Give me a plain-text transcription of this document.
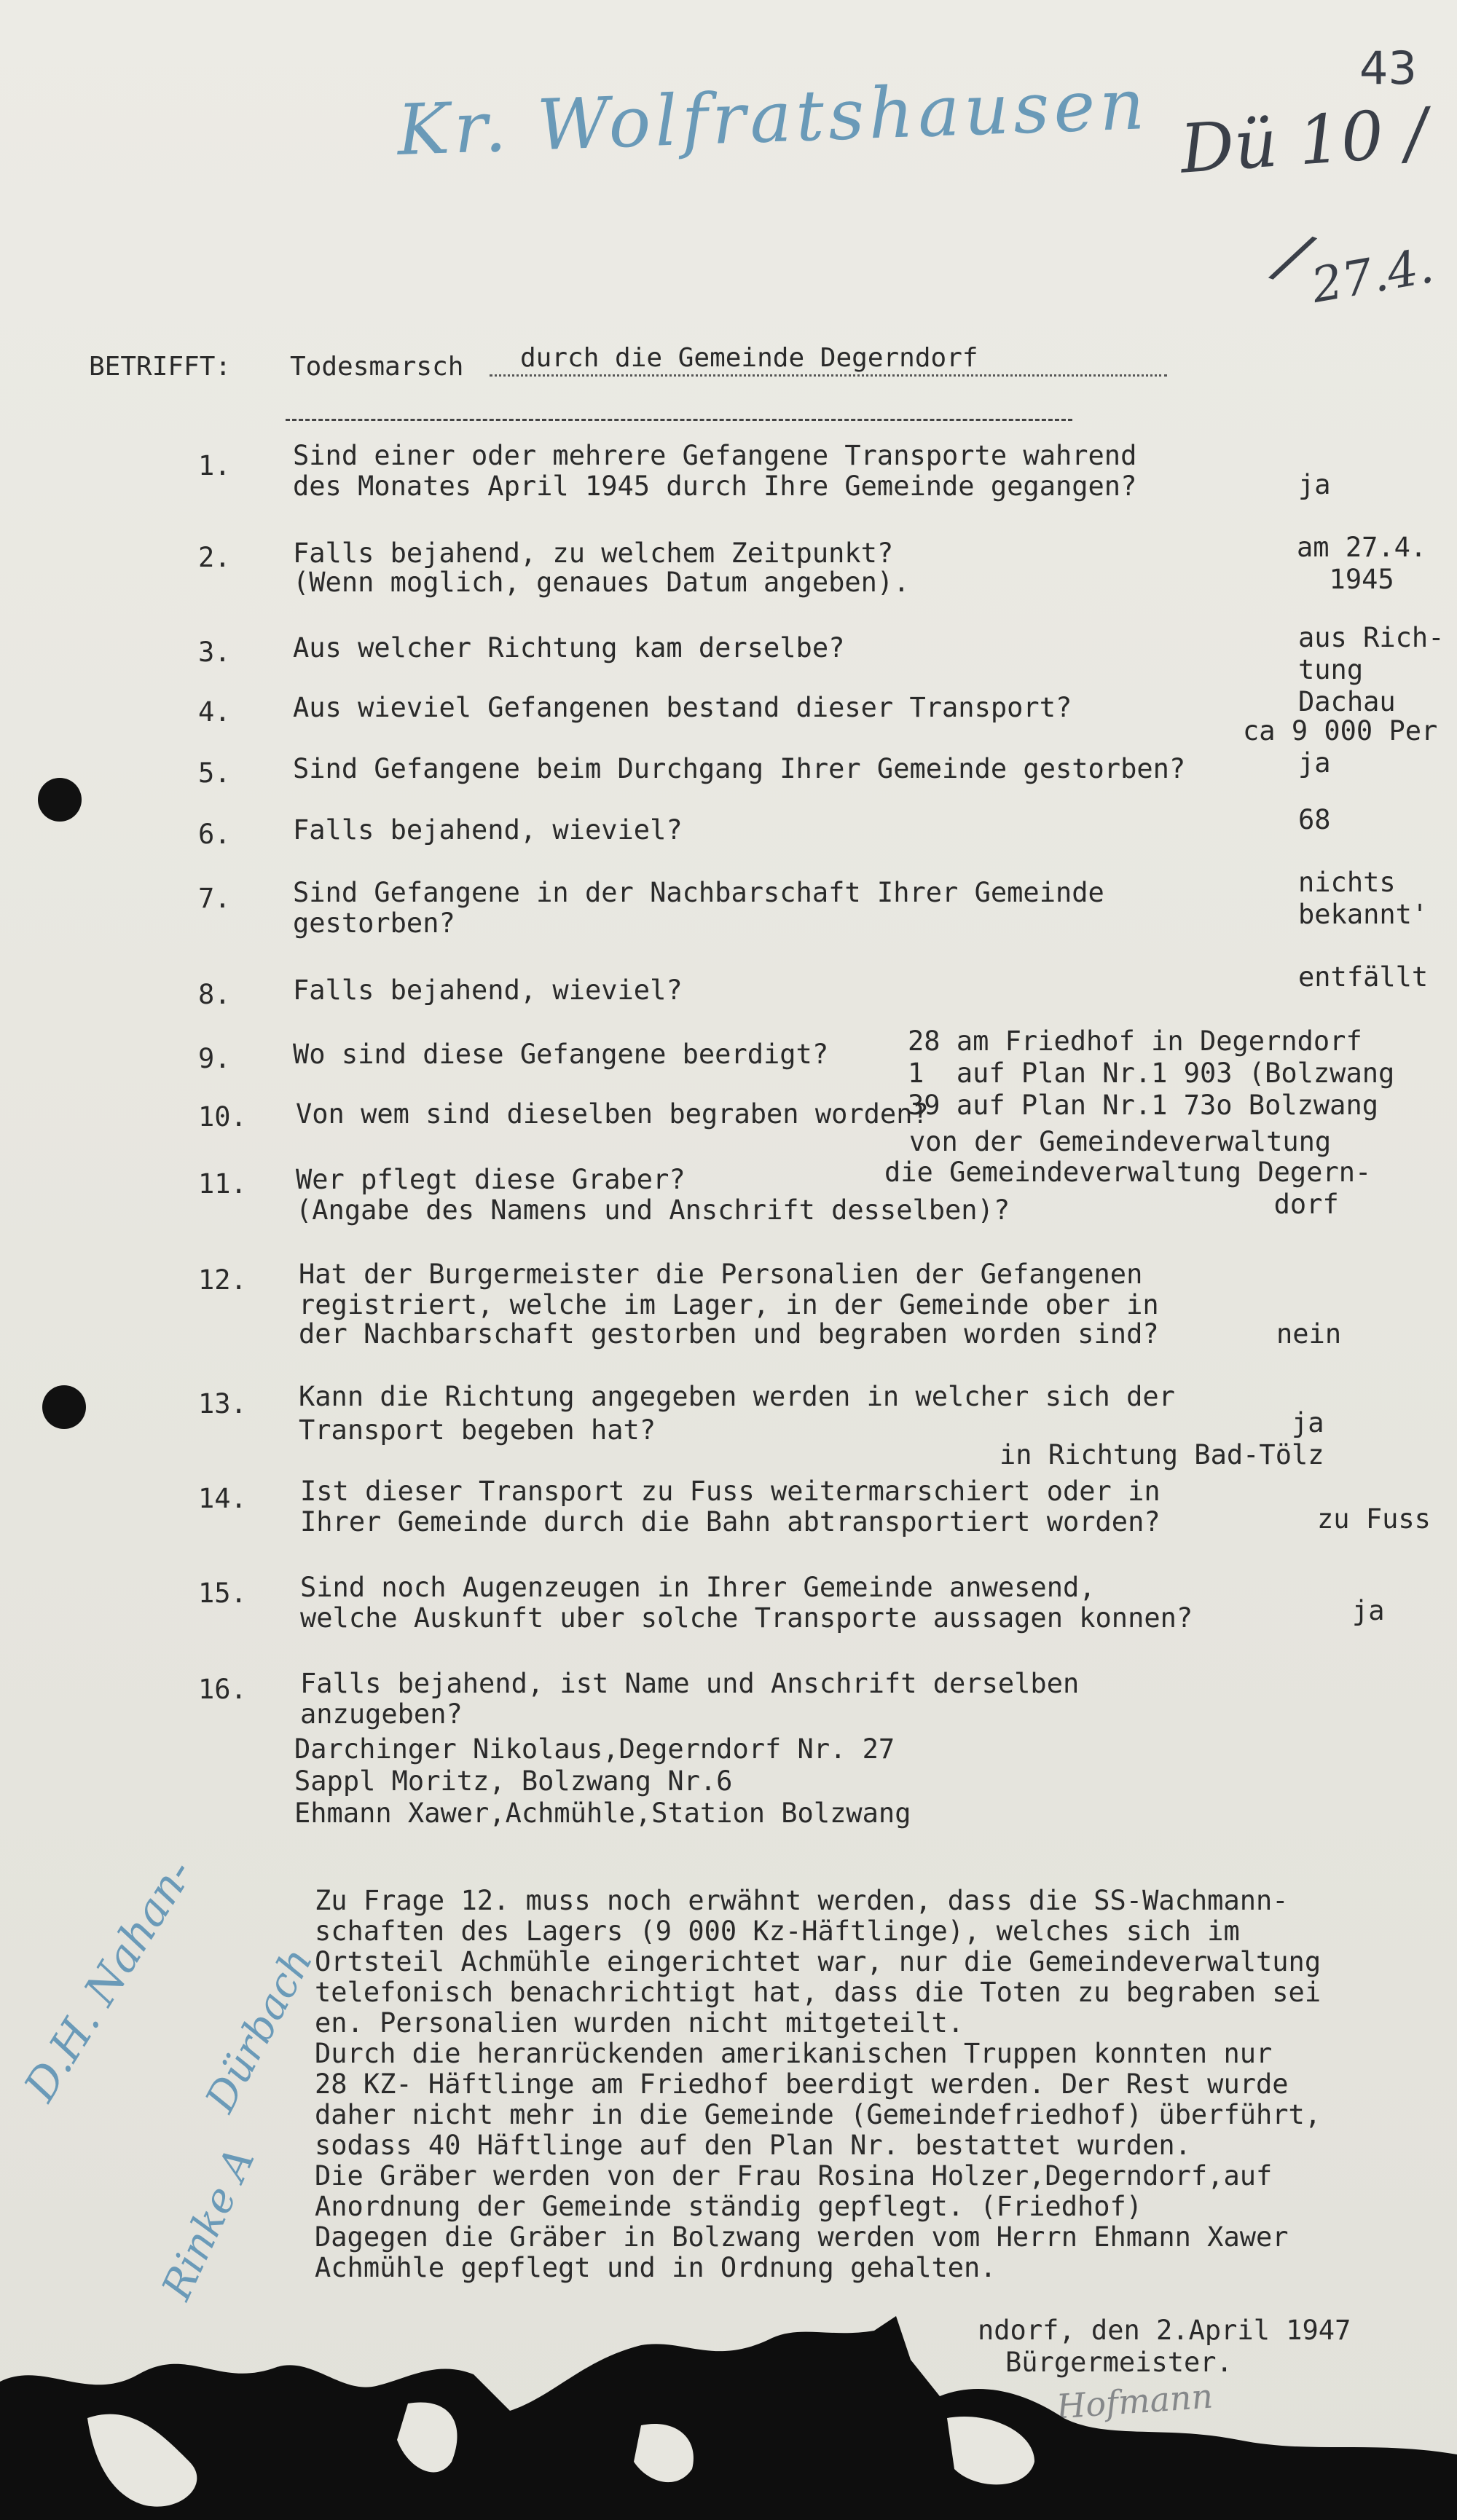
43
Kr. Wolfratshausen Dü 10 /
27.4.
/
BETRIFFT: Todesmarsch durch die Gemeinde Degerndorf
1. Sind einer oder mehrere Gefangene Transporte wahrend
des Monates April 1945 durch Ihre Gemeinde gegangen?	ja
2. Falls bejahend, zu welchem Zeitpunkt?
(Wenn moglich, genaues Datum angeben).
am 27.4.
1945
3. Aus welcher Richtung kam derselbe?	aus Rich-
tung
Dachau
4. Aus wieviel Gefangenen bestand dieser Transport?
ca 9 000 Per
5. Sind Gefangene beim Durchgang Ihrer Gemeinde gestorben?	ja
6. Falls bejahend, wieviel?	68
7. Sind Gefangene in der Nachbarschaft Ihrer Gemeinde
gestorben?
nichts
bekannt'
8. Falls bejahend, wieviel?	entfällt
9. Wo sind diese Gefangene beerdigt?	28 am Friedhof in Degerndorf
1  auf Plan Nr.1 903 (Bolzwang
39 auf Plan Nr.1 73o Bolzwang
10. Von wem sind dieselben begraben worden?
von der Gemeindeverwaltung
11. Wer pflegt diese Graber?
(Angabe des Namens und Anschrift desselben)?
die Gemeindeverwaltung Degern-
dorf
12. Hat der Burgermeister die Personalien der Gefangenen
registriert, welche im Lager, in der Gemeinde ober in
der Nachbarschaft gestorben und begraben worden sind?	nein
13. Kann die Richtung angegeben werden in welcher sich der
Transport begeben hat?	ja
in Richtung Bad-Tölz
14. Ist dieser Transport zu Fuss weitermarschiert oder in
Ihrer Gemeinde durch die Bahn abtransportiert worden?	zu Fuss
15. Sind noch Augenzeugen in Ihrer Gemeinde anwesend,
welche Auskunft uber solche Transporte aussagen konnen?	ja
16. Falls bejahend, ist Name und Anschrift derselben
anzugeben?
Darchinger Nikolaus,Degerndorf Nr. 27
Sappl Moritz, Bolzwang Nr.6
Ehmann Xawer,Achmühle,Station Bolzwang
Zu Frage 12. muss noch erwähnt werden, dass die SS-Wachmann-
schaften des Lagers (9 000 Kz-Häftlinge), welches sich im
Ortsteil Achmühle eingerichtet war, nur die Gemeindeverwaltung
telefonisch benachrichtigt hat, dass die Toten zu begraben sei
en. Personalien wurden nicht mitgeteilt.
Durch die heranrückenden amerikanischen Truppen konnten nur
28 KZ- Häftlinge am Friedhof beerdigt werden. Der Rest wurde
daher nicht mehr in die Gemeinde (Gemeindefriedhof) überführt,
sodass 40 Häftlinge auf den Plan Nr. bestattet wurden.
Die Gräber werden von der Frau Rosina Holzer,Degerndorf,auf
Anordnung der Gemeinde ständig gepflegt. (Friedhof)
Dagegen die Gräber in Bolzwang werden vom Herrn Ehmann Xawer
Achmühle gepflegt und in Ordnung gehalten.
D.H. Nahan-
Dürbach
Rinke A
ndorf, den 2.April 1947
Bürgermeister.
Hofmann
